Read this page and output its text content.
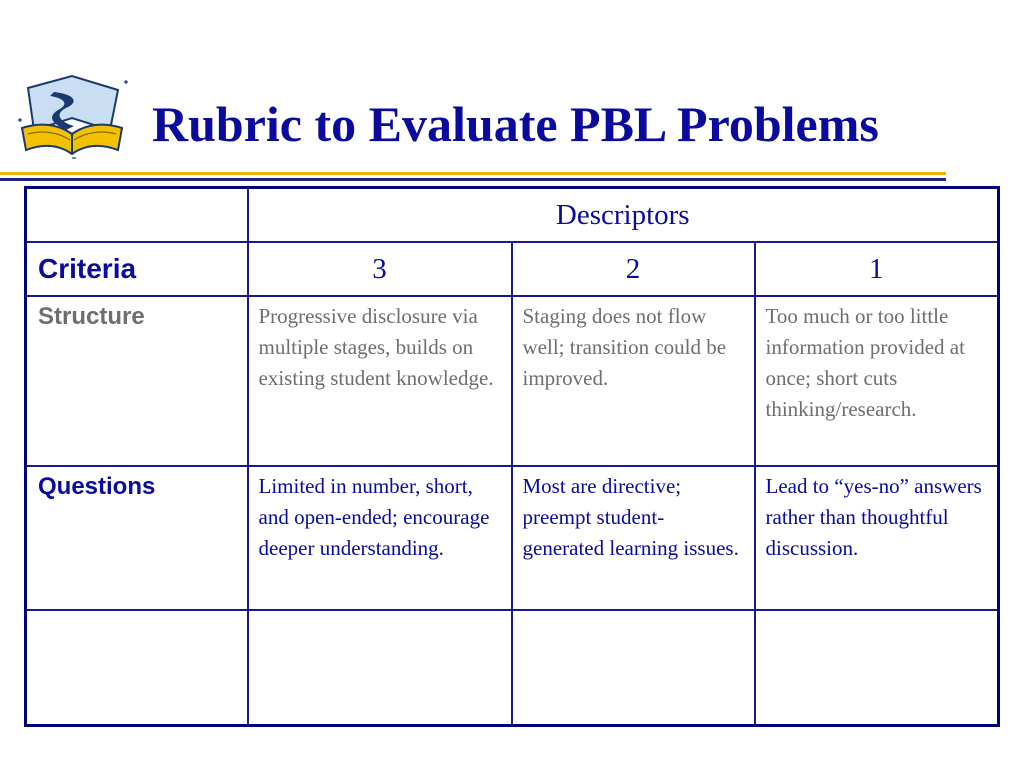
Rubric to Evaluate PBL Problems
	Descriptors		
Criteria	3	2	1
Structure	Progressive disclosure via multiple stages, builds on existing student knowledge.	Staging does not flow well; transition could be improved.	Too much or too little information provided at once; short cuts thinking/research.
Questions	Limited in number, short, and open-ended; encourage deeper understanding.	Most are directive; preempt student-generated learning issues.	Lead to “yes-no” answers rather than thoughtful discussion.
